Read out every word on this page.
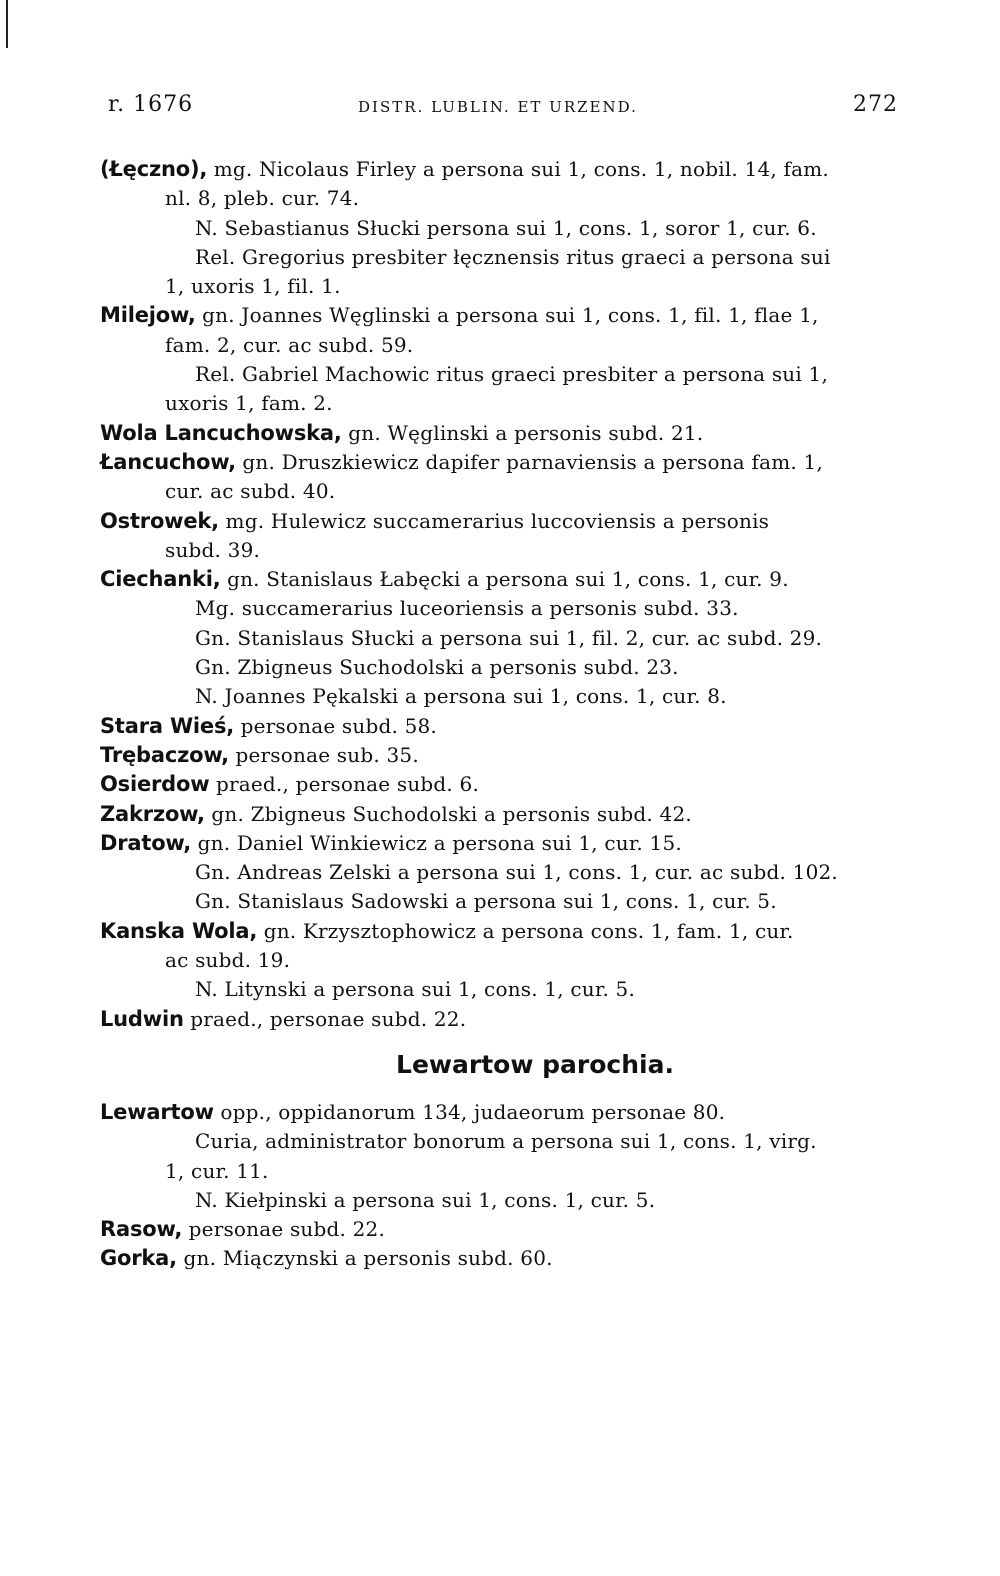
r. 1676	DISTR. LUBLIN. ET URZEND.	272
(Łęczno), mg. Nicolaus Firley a persona sui 1, cons. 1, nobil. 14, fam.
nl. 8, pleb. cur. 74.
N. Sebastianus Słucki persona sui 1, cons. 1, soror 1, cur. 6.
Rel. Gregorius presbiter łęcznensis ritus graeci a persona sui
1, uxoris 1, fil. 1.
Milejow, gn. Joannes Węglinski a persona sui 1, cons. 1, fil. 1, flae 1,
fam. 2, cur. ac subd. 59.
Rel. Gabriel Machowic ritus graeci presbiter a persona sui 1,
uxoris 1, fam. 2.
Wola Lancuchowska, gn. Węglinski a personis subd. 21.
Łancuchow, gn. Druszkiewicz dapifer parnaviensis a persona fam. 1,
cur. ac subd. 40.
Ostrowek, mg. Hulewicz succamerarius luccoviensis a personis
subd. 39.
Ciechanki, gn. Stanislaus Łabęcki a persona sui 1, cons. 1, cur. 9.
Mg. succamerarius luceoriensis a personis subd. 33.
Gn. Stanislaus Słucki a persona sui 1, fil. 2, cur. ac subd. 29.
Gn. Zbigneus Suchodolski a personis subd. 23.
N. Joannes Pękalski a persona sui 1, cons. 1, cur. 8.
Stara Wieś, personae subd. 58.
Trębaczow, personae sub. 35.
Osierdow praed., personae subd. 6.
Zakrzow, gn. Zbigneus Suchodolski a personis subd. 42.
Dratow, gn. Daniel Winkiewicz a persona sui 1, cur. 15.
Gn. Andreas Zelski a persona sui 1, cons. 1, cur. ac subd. 102.
Gn. Stanislaus Sadowski a persona sui 1, cons. 1, cur. 5.
Kanska Wola, gn. Krzysztophowicz a persona cons. 1, fam. 1, cur.
ac subd. 19.
N. Litynski a persona sui 1, cons. 1, cur. 5.
Ludwin praed., personae subd. 22.
Lewartow parochia.
Lewartow opp., oppidanorum 134, judaeorum personae 80.
Curia, administrator bonorum a persona sui 1, cons. 1, virg.
1, cur. 11.
N. Kiełpinski a persona sui 1, cons. 1, cur. 5.
Rasow, personae subd. 22.
Gorka, gn. Miączynski a personis subd. 60.
